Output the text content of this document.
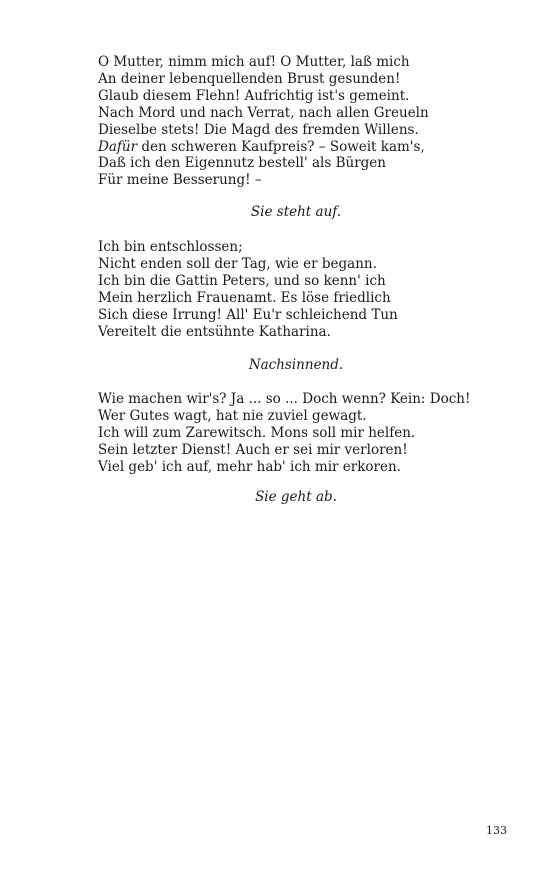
O Mutter, nimm mich auf! O Mutter, laß mich
An deiner lebenquellenden Brust gesunden!
Glaub diesem Flehn! Aufrichtig ist's gemeint.
Nach Mord und nach Verrat, nach allen Greueln
Dieselbe stets! Die Magd des fremden Willens.
Dafür den schweren Kaufpreis? – Soweit kam's,
Daß ich den Eigennutz bestell' als Bürgen
Für meine Besserung! –
Sie steht auf.
Ich bin entschlossen;
Nicht enden soll der Tag, wie er begann.
Ich bin die Gattin Peters, und so kenn' ich
Mein herzlich Frauenamt. Es löse friedlich
Sich diese Irrung! All' Eu'r schleichend Tun
Vereitelt die entsühnte Katharina.
Nachsinnend.
Wie machen wir's? Ja ... so ... Doch wenn? Kein: Doch!
Wer Gutes wagt, hat nie zuviel gewagt.
Ich will zum Zarewitsch. Mons soll mir helfen.
Sein letzter Dienst! Auch er sei mir verloren!
Viel geb' ich auf, mehr hab' ich mir erkoren.
Sie geht ab.
133
